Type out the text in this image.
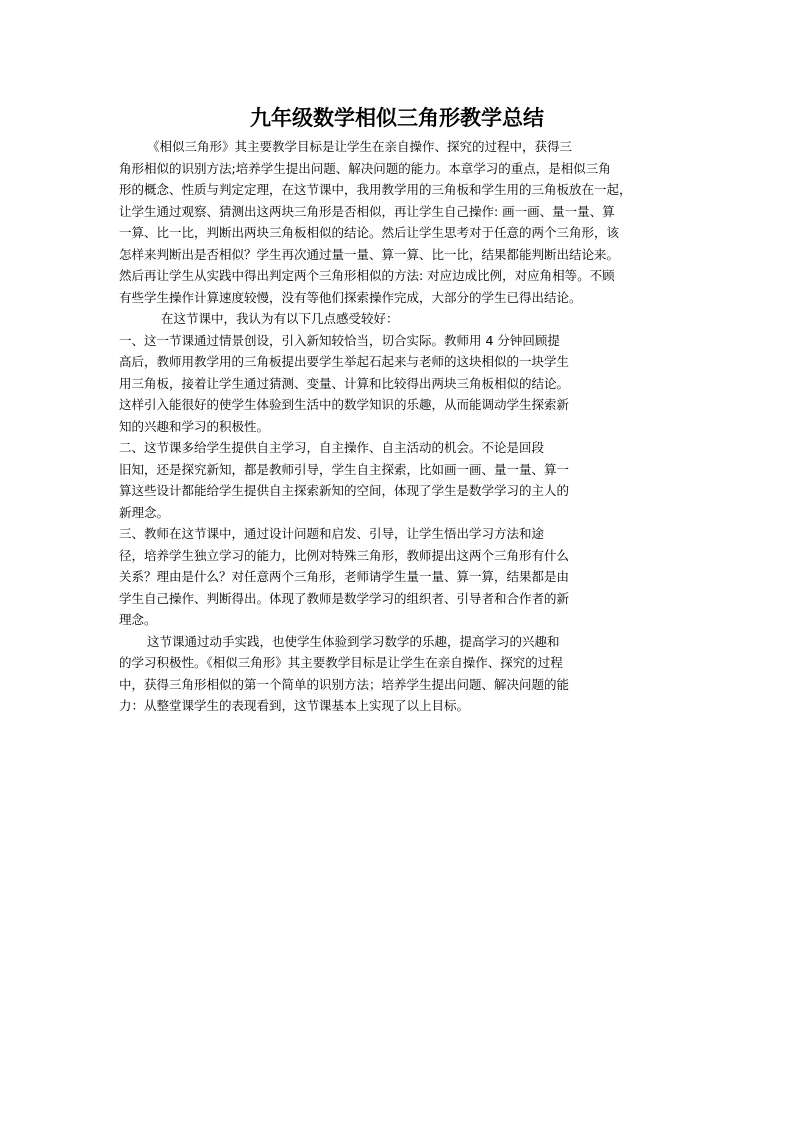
九年级数学相似三角形教学总结
《相似三角形》其主要教学目标是让学生在亲自操作、探究的过程中，获得三
角形相似的识别方法;培养学生提出问题、解决问题的能力。本章学习的重点，是相似三角
形的概念、性质与判定定理，在这节课中，我用教学用的三角板和学生用的三角板放在一起，
让学生通过观察、猜测出这两块三角形是否相似，再让学生自己操作: 画一画、量一量、算
一算、比一比，判断出两块三角板相似的结论。然后让学生思考对于任意的两个三角形，该
怎样来判断出是否相似？学生再次通过量一量、算一算、比一比，结果都能判断出结论来。
然后再让学生从实践中得出判定两个三角形相似的方法: 对应边成比例，对应角相等。不顾
有些学生操作计算速度较慢，没有等他们探索操作完成，大部分的学生已得出结论。
在这节课中，我认为有以下几点感受较好：
一、这一节课通过情景创设，引入新知较恰当，切合实际。教师用 4 分钟回顾提
高后，教师用教学用的三角板提出要学生举起石起来与老师的这块相似的一块学生
用三角板，接着让学生通过猜测、变量、计算和比较得出两块三角板相似的结论。
这样引入能很好的使学生体验到生活中的数学知识的乐趣，从而能调动学生探索新
知的兴趣和学习的积极性。
二、这节课多给学生提供自主学习，自主操作、自主活动的机会。不论是回段
旧知，还是探究新知，都是教师引导，学生自主探索，比如画一画、量一量、算一
算这些设计都能给学生提供自主探索新知的空间，体现了学生是数学学习的主人的
新理念。
三、教师在这节课中，通过设计问题和启发、引导，让学生悟出学习方法和途
径，培养学生独立学习的能力，比例对特殊三角形，教师提出这两个三角形有什么
关系？理由是什么？对任意两个三角形，老师请学生量一量、算一算，结果都是由
学生自己操作、判断得出。体现了教师是数学学习的组织者、引导者和合作者的新
理念。
这节课通过动手实践，也使学生体验到学习数学的乐趣，提高学习的兴趣和
的学习积极性。《相似三角形》其主要教学目标是让学生在亲自操作、探究的过程
中，获得三角形相似的第一个简单的识别方法；培养学生提出问题、解决问题的能
力：从整堂课学生的表现看到，这节课基本上实现了以上目标。
